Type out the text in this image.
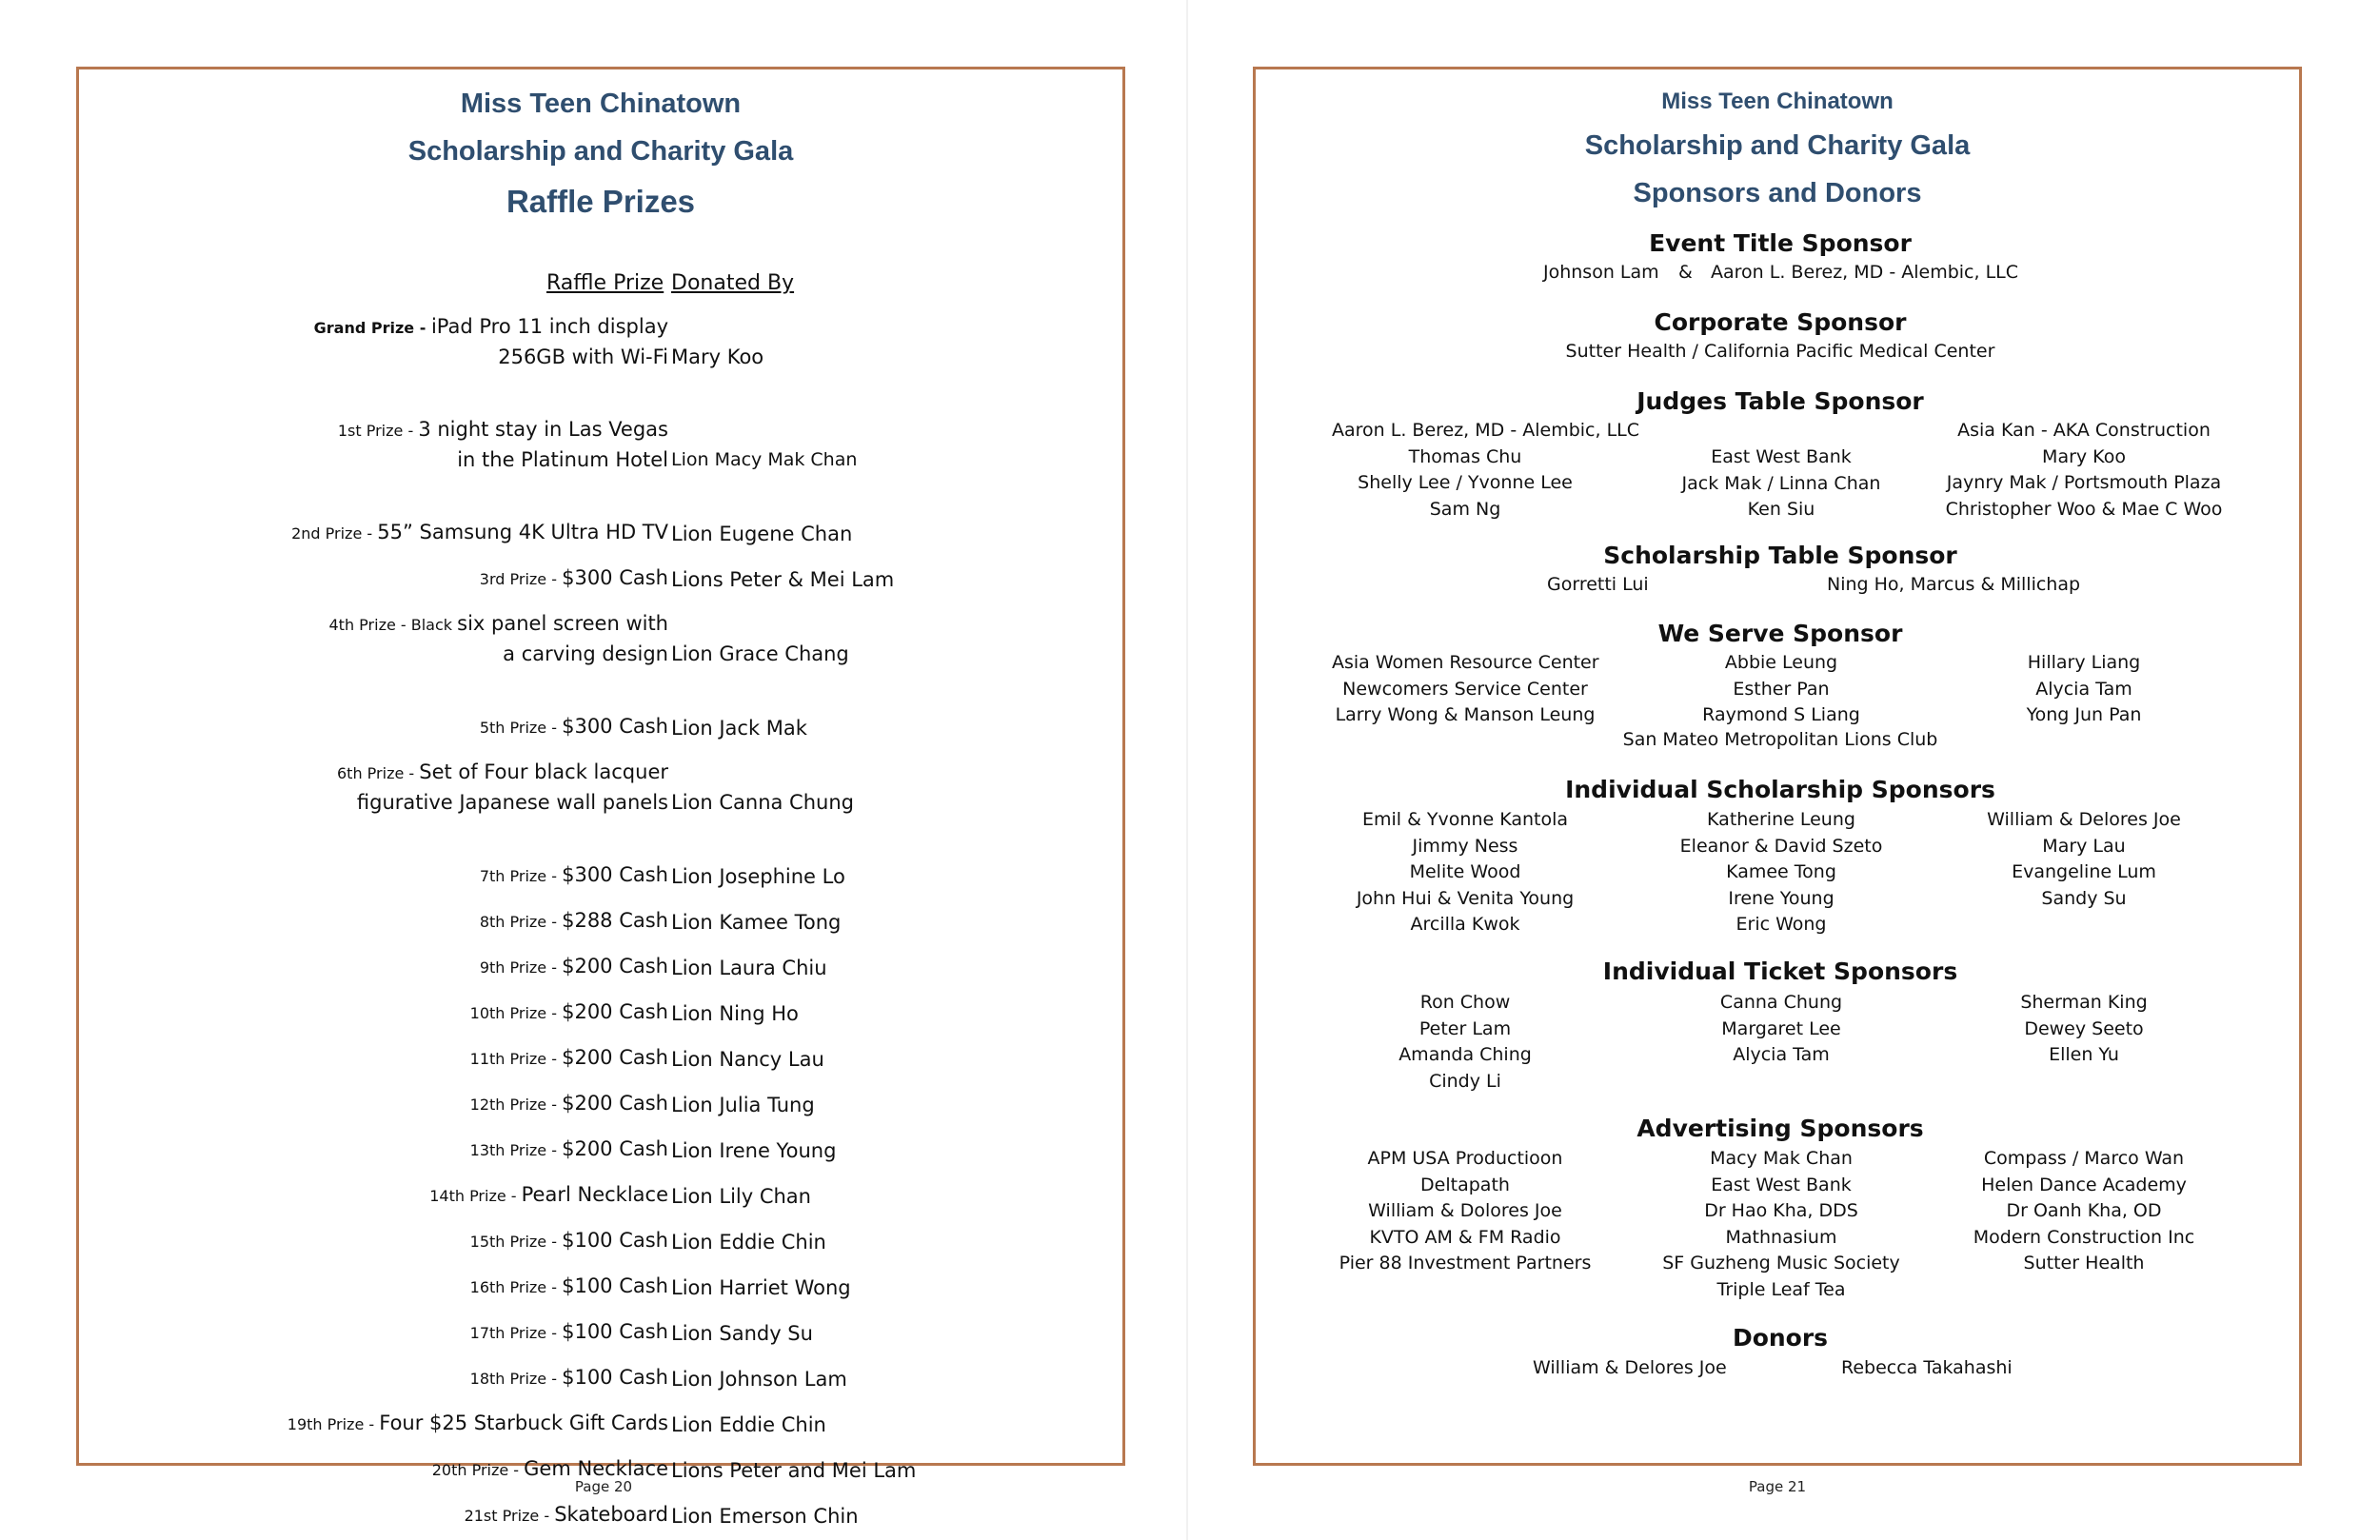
Miss Teen Chinatown
Scholarship and Charity Gala
Raffle Prizes
Raffle Prize Donated By
Grand Prize - iPad Pro 11 inch display
256GB with Wi-Fi Mary Koo
1st Prize - 3 night stay in Las Vegas
in the Platinum Hotel Lion Macy Mak Chan
2nd Prize - 55” Samsung 4K Ultra HD TV Lion Eugene Chan
3rd Prize - $300 Cash Lions Peter & Mei Lam
4th Prize - Black six panel screen with
a carving design Lion Grace Chang
5th Prize - $300 Cash Lion Jack Mak
6th Prize - Set of Four black lacquer
figurative Japanese wall panels Lion Canna Chung
7th Prize - $300 Cash Lion Josephine Lo
8th Prize - $288 Cash Lion Kamee Tong
9th Prize - $200 Cash Lion Laura Chiu
10th Prize - $200 Cash Lion Ning Ho
11th Prize - $200 Cash Lion Nancy Lau
12th Prize - $200 Cash Lion Julia Tung
13th Prize - $200 Cash Lion Irene Young
14th Prize - Pearl Necklace Lion Lily Chan
15th Prize - $100 Cash Lion Eddie Chin
16th Prize - $100 Cash Lion Harriet Wong
17th Prize - $100 Cash Lion Sandy Su
18th Prize - $100 Cash Lion Johnson Lam
19th Prize - Four $25 Starbuck Gift Cards Lion Eddie Chin
20th Prize - Gem Necklace Lions Peter and Mei Lam
21st Prize - Skateboard Lion Emerson Chin
Page 20
Miss Teen Chinatown
Scholarship and Charity Gala
Sponsors and Donors
Event Title Sponsor
Johnson Lam & Aaron L. Berez, MD - Alembic, LLC
Corporate Sponsor
Sutter Health / California Pacific Medical Center
Judges Table Sponsor
Aaron L. Berez, MD - Alembic, LLC
Thomas Chu
Shelly Lee / Yvonne Lee
Sam Ng
East West Bank
Jack Mak / Linna Chan
Ken Siu
Asia Kan - AKA Construction
Mary Koo
Jaynry Mak / Portsmouth Plaza
Christopher Woo & Mae C Woo
Scholarship Table Sponsor
Gorretti Lui	Ning Ho, Marcus & Millichap
We Serve Sponsor
Asia Women Resource Center
Newcomers Service Center
Larry Wong & Manson Leung
Abbie Leung
Esther Pan
Raymond S Liang
Hillary Liang
Alycia Tam
Yong Jun Pan
San Mateo Metropolitan Lions Club
Individual Scholarship Sponsors
Emil & Yvonne Kantola
Jimmy Ness
Melite Wood
John Hui & Venita Young
Arcilla Kwok
Katherine Leung
Eleanor & David Szeto
Kamee Tong
Irene Young
Eric Wong
William & Delores Joe
Mary Lau
Evangeline Lum
Sandy Su
Individual Ticket Sponsors
Ron Chow
Peter Lam
Amanda Ching
Cindy Li
Canna Chung
Margaret Lee
Alycia Tam
Sherman King
Dewey Seeto
Ellen Yu
Advertising Sponsors
APM USA Productioon
Deltapath
William & Dolores Joe
KVTO AM & FM Radio
Pier 88 Investment Partners
Macy Mak Chan
East West Bank
Dr Hao Kha, DDS
Mathnasium
SF Guzheng Music Society
Triple Leaf Tea
Compass / Marco Wan
Helen Dance Academy
Dr Oanh Kha, OD
Modern Construction Inc
Sutter Health
Donors
William & Delores Joe	Rebecca Takahashi
Page 21
